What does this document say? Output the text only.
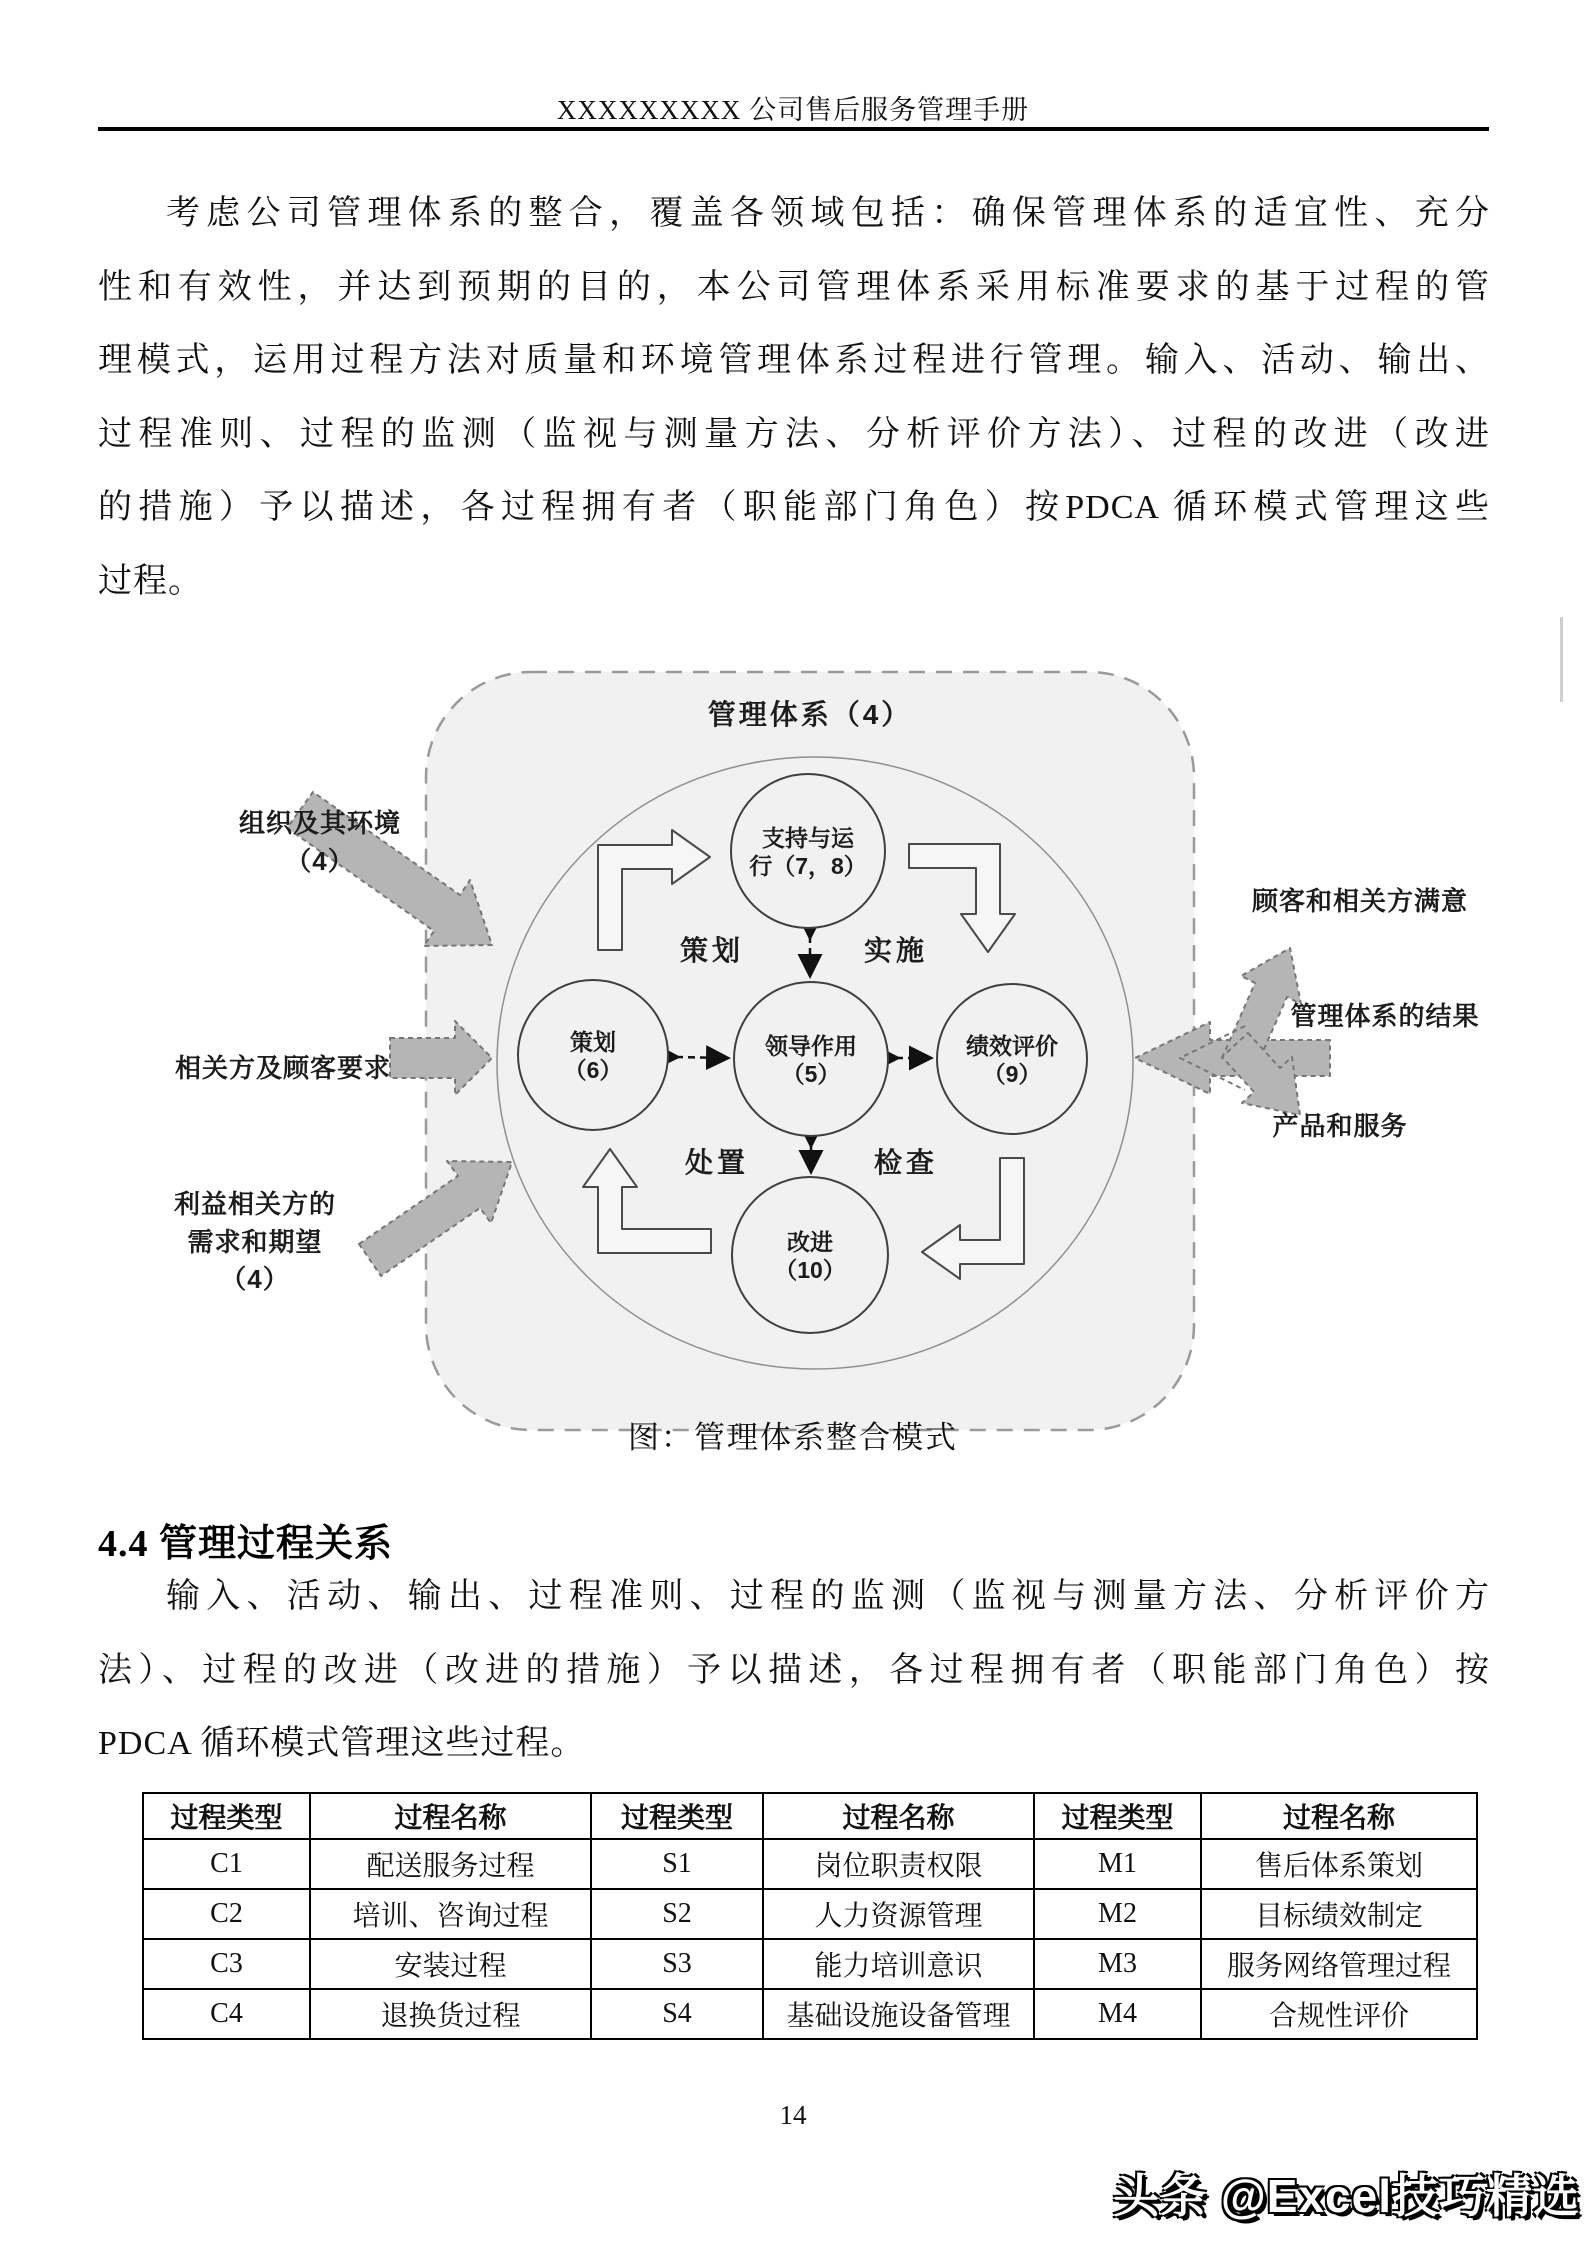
XXXXXXXXX 公司售后服务管理手册
考虑公司管理体系的整合，覆盖各领域包括：确保管理体系的适宜性、充分
性和有效性，并达到预期的目的，本公司管理体系采用标准要求的基于过程的管
理模式，运用过程方法对质量和环境管理体系过程进行管理。输入、活动、输出、
过程准则、过程的监测（监视与测量方法、分析评价方法）、过程的改进（改进
的措施）予以描述，各过程拥有者（职能部门角色）按PDCA 循环模式管理这些
过程。
管理体系（4）
支持与运
行（7，8）
策划
（6）
领导作用
（5）
绩效评价
（9）
改进
（10）
策划	实施
处置	检查
组织及其环境
（4）
相关方及顾客要求
利益相关方的
需求和期望
（4）
顾客和相关方满意
管理体系的结果
产品和服务
图：管理体系整合模式
4.4 管理过程关系
输入、活动、输出、过程准则、过程的监测（监视与测量方法、分析评价方
法）、过程的改进（改进的措施）予以描述，各过程拥有者（职能部门角色）按
PDCA 循环模式管理这些过程。
过程类型	过程名称	过程类型	过程名称	过程类型	过程名称
C1	配送服务过程	S1	岗位职责权限	M1	售后体系策划
C2	培训、咨询过程	S2	人力资源管理	M2	目标绩效制定
C3	安装过程	S3	能力培训意识	M3	服务网络管理过程
C4	退换货过程	S4	基础设施设备管理	M4	合规性评价
14
头条 @Excel技巧精选
